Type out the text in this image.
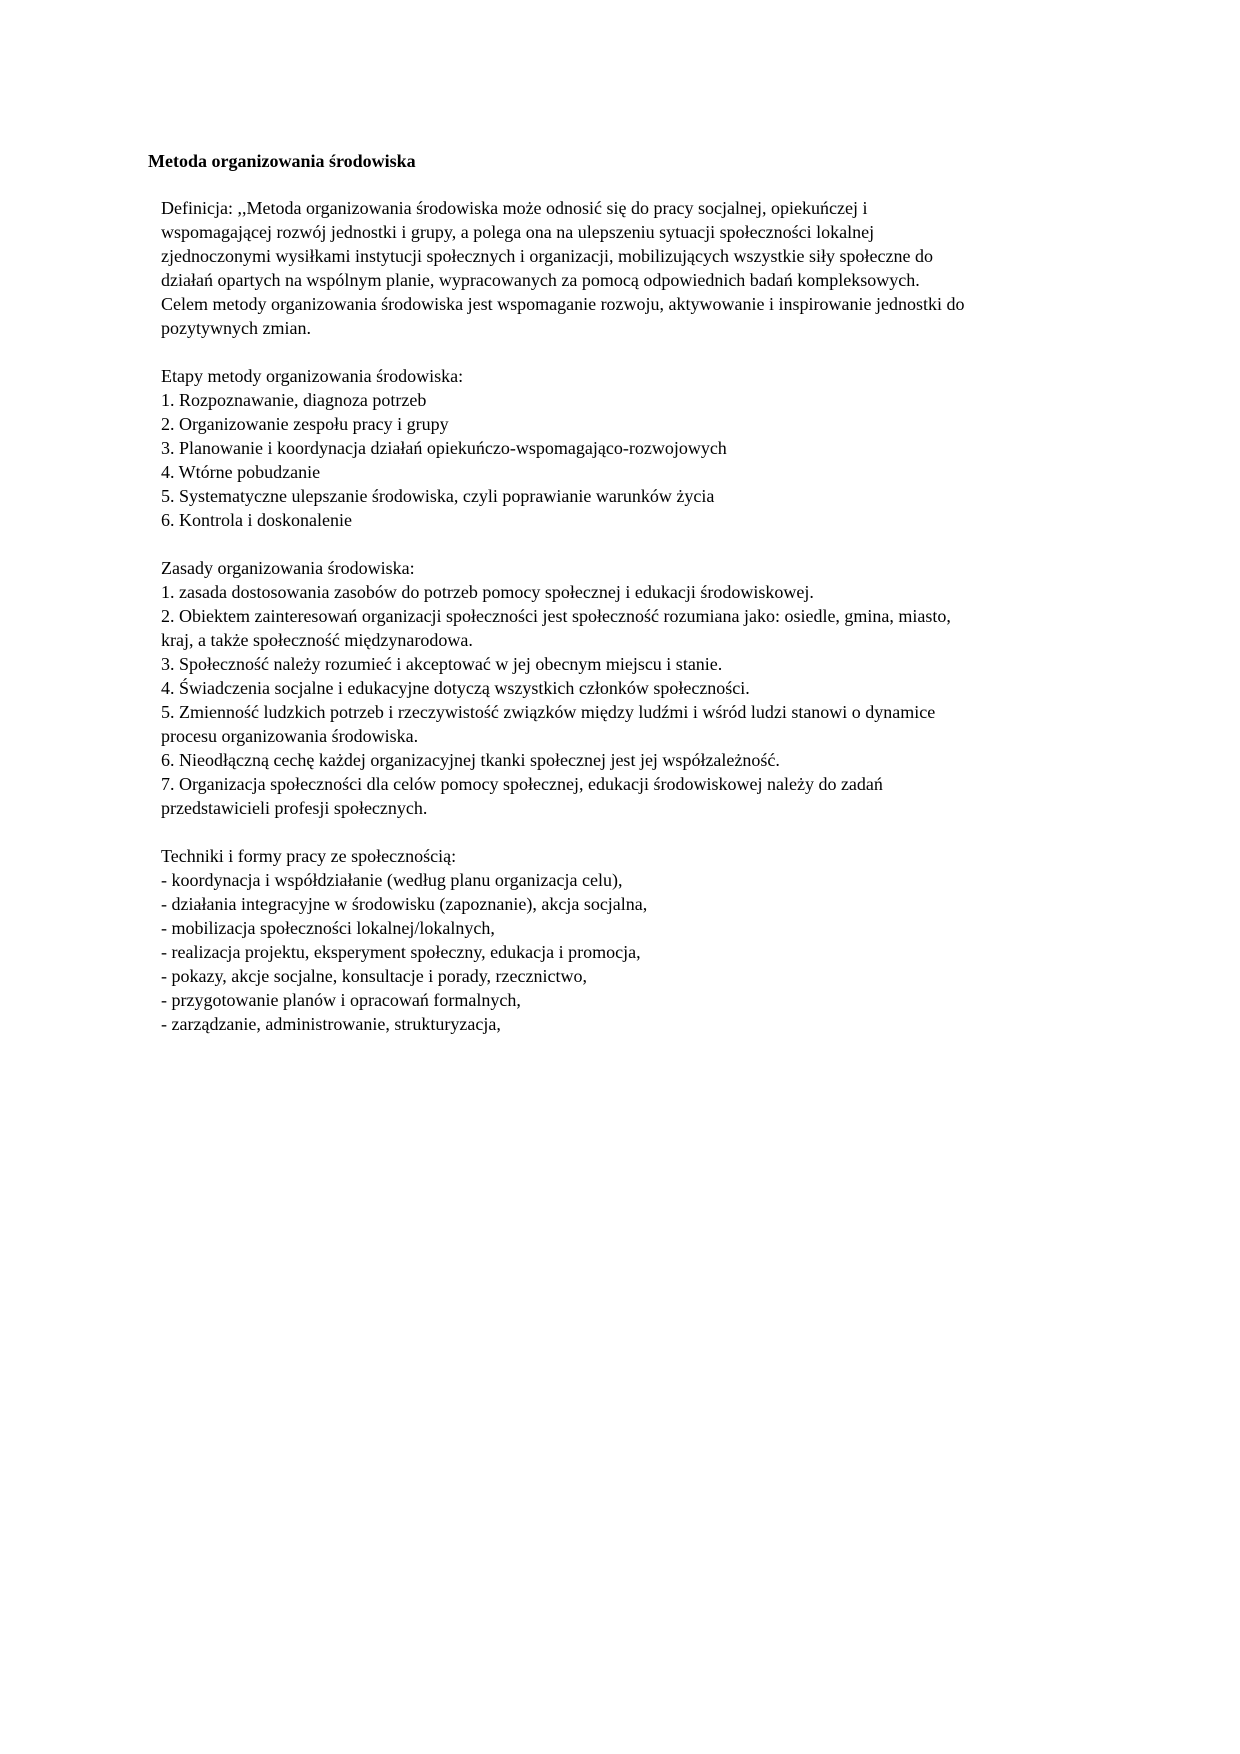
Metoda organizowania środowiska
Definicja: ,,Metoda organizowania środowiska może odnosić się do pracy socjalnej, opiekuńczej i
wspomagającej rozwój jednostki i grupy, a polega ona na ulepszeniu sytuacji społeczności lokalnej
zjednoczonymi wysiłkami instytucji społecznych i organizacji, mobilizujących wszystkie siły społeczne do
działań opartych na wspólnym planie, wypracowanych za pomocą odpowiednich badań kompleksowych.
Celem metody organizowania środowiska jest wspomaganie rozwoju, aktywowanie i inspirowanie jednostki do
pozytywnych zmian.
Etapy metody organizowania środowiska:
1. Rozpoznawanie, diagnoza potrzeb
2. Organizowanie zespołu pracy i grupy
3. Planowanie i koordynacja działań opiekuńczo-wspomagająco-rozwojowych
4. Wtórne pobudzanie
5. Systematyczne ulepszanie środowiska, czyli poprawianie warunków życia
6. Kontrola i doskonalenie
Zasady organizowania środowiska:
1. zasada dostosowania zasobów do potrzeb pomocy społecznej i edukacji środowiskowej.
2. Obiektem zainteresowań organizacji społeczności jest społeczność rozumiana jako: osiedle, gmina, miasto,
kraj, a także społeczność międzynarodowa.
3. Społeczność należy rozumieć i akceptować w jej obecnym miejscu i stanie.
4. Świadczenia socjalne i edukacyjne dotyczą wszystkich członków społeczności.
5. Zmienność ludzkich potrzeb i rzeczywistość związków między ludźmi i wśród ludzi stanowi o dynamice
procesu organizowania środowiska.
6. Nieodłączną cechę każdej organizacyjnej tkanki społecznej jest jej współzależność.
7. Organizacja społeczności dla celów pomocy społecznej, edukacji środowiskowej należy do zadań
przedstawicieli profesji społecznych.
Techniki i formy pracy ze społecznością:
- koordynacja i współdziałanie (według planu organizacja celu),
- działania integracyjne w środowisku (zapoznanie), akcja socjalna,
- mobilizacja społeczności lokalnej/lokalnych,
- realizacja projektu, eksperyment społeczny, edukacja i promocja,
- pokazy, akcje socjalne, konsultacje i porady, rzecznictwo,
- przygotowanie planów i opracowań formalnych,
- zarządzanie, administrowanie, strukturyzacja,
